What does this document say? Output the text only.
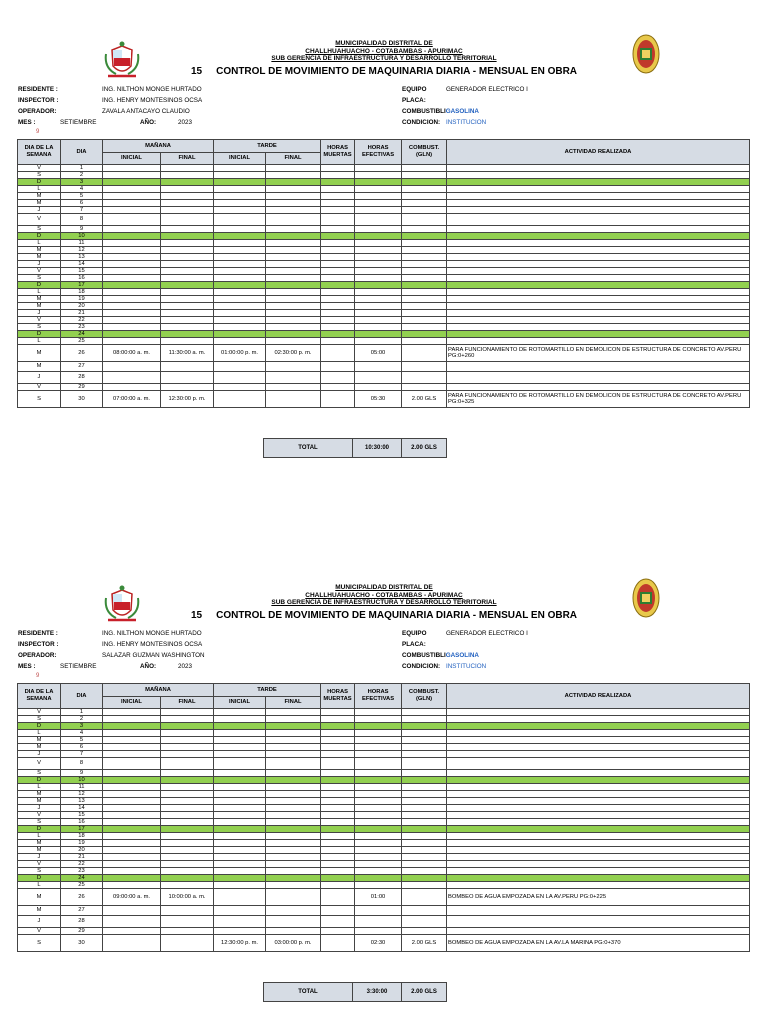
MUNICIPALIDAD DISTRITAL DE
CHALLHUAHUACHO - COTABAMBAS - APURIMAC
SUB GERENCIA DE INFRAESTRUCTURA Y DESARROLLO TERRITORIAL
15 CONTROL DE MOVIMIENTO DE MAQUINARIA DIARIA - MENSUAL EN OBRA
RESIDENTE :	ING. NILTHON MONGE HURTADO
INSPECTOR :	ING. HENRY MONTESINOS OCSA
OPERADOR:	ZAVALA ANTACAYO CLAUDIO
MES :	SETIEMBRE	AÑO:	2023
EQUIPO	GENERADOR ELECTRICO I
PLACA:
COMBUSTIBLIGASOLINA
CONDICION: INSTITUCION
9
DIA DE LA SEMANA	DIA	MAÑANA		TARDE		HORAS MUERTAS	HORAS EFECTIVAS	COMBUST. (GLN)	ACTIVIDAD REALIZADA
		INICIAL	FINAL	INICIAL	FINAL				
V	1								
S	2								
D	3								
L	4								
M	5								
M	6								
J	7								
V	8								
S	9								
D	10								
L	11								
M	12								
M	13								
J	14								
V	15								
S	16								
D	17								
L	18								
M	19								
M	20								
J	21								
V	22								
S	23								
D	24								
L	25								
M	26	08:00:00 a. m.	11:30:00 a. m.	01:00:00 p. m.	02:30:00 p. m.		05:00		PARA FUNCIONAMIENTO DE ROTOMARTILLO EN DEMOLICON DE ESTRUCTURA DE CONCRETO AV.PERU PG:0+260
M	27								
J	28								
V	29								
S	30	07:00:00 a. m.	12:30:00 p. m.				05:30	2.00 GLS	PARA FUNCIONAMIENTO DE ROTOMARTILLO EN DEMOLICON DE ESTRUCTURA DE CONCRETO AV.PERU PG:0+325
TOTAL	10:30:00	2.00 GLS
MUNICIPALIDAD DISTRITAL DE
CHALLHUAHUACHO - COTABAMBAS - APURIMAC
SUB GERENCIA DE INFRAESTRUCTURA Y DESARROLLO TERRITORIAL
15 CONTROL DE MOVIMIENTO DE MAQUINARIA DIARIA - MENSUAL EN OBRA
RESIDENTE :	ING. NILTHON MONGE HURTADO
INSPECTOR :	ING. HENRY MONTESINOS OCSA
OPERADOR:	SALAZAR GUZMAN WASHINGTON
MES :	SETIEMBRE	AÑO:	2023
EQUIPO	GENERADOR ELECTRICO I
PLACA:
COMBUSTIBLIGASOLINA
CONDICION: INSTITUCION
9
DIA DE LA SEMANA	DIA	MAÑANA		TARDE		HORAS MUERTAS	HORAS EFECTIVAS	COMBUST. (GLN)	ACTIVIDAD REALIZADA
		INICIAL	FINAL	INICIAL	FINAL				
V	1								
S	2								
D	3								
L	4								
M	5								
M	6								
J	7								
V	8								
S	9								
D	10								
L	11								
M	12								
M	13								
J	14								
V	15								
S	16								
D	17								
L	18								
M	19								
M	20								
J	21								
V	22								
S	23								
D	24								
L	25								
M	26	09:00:00 a. m.	10:00:00 a. m.				01:00		BOMBEO DE AGUA EMPOZADA EN LA AV.PERU PG:0+225
M	27								
J	28								
V	29								
S	30			12:30:00 p. m.	03:00:00 p. m.		02:30	2.00 GLS	BOMBEO DE AGUA EMPOZADA EN LA AV.LA MARINA PG:0+370
TOTAL	3:30:00	2.00 GLS
